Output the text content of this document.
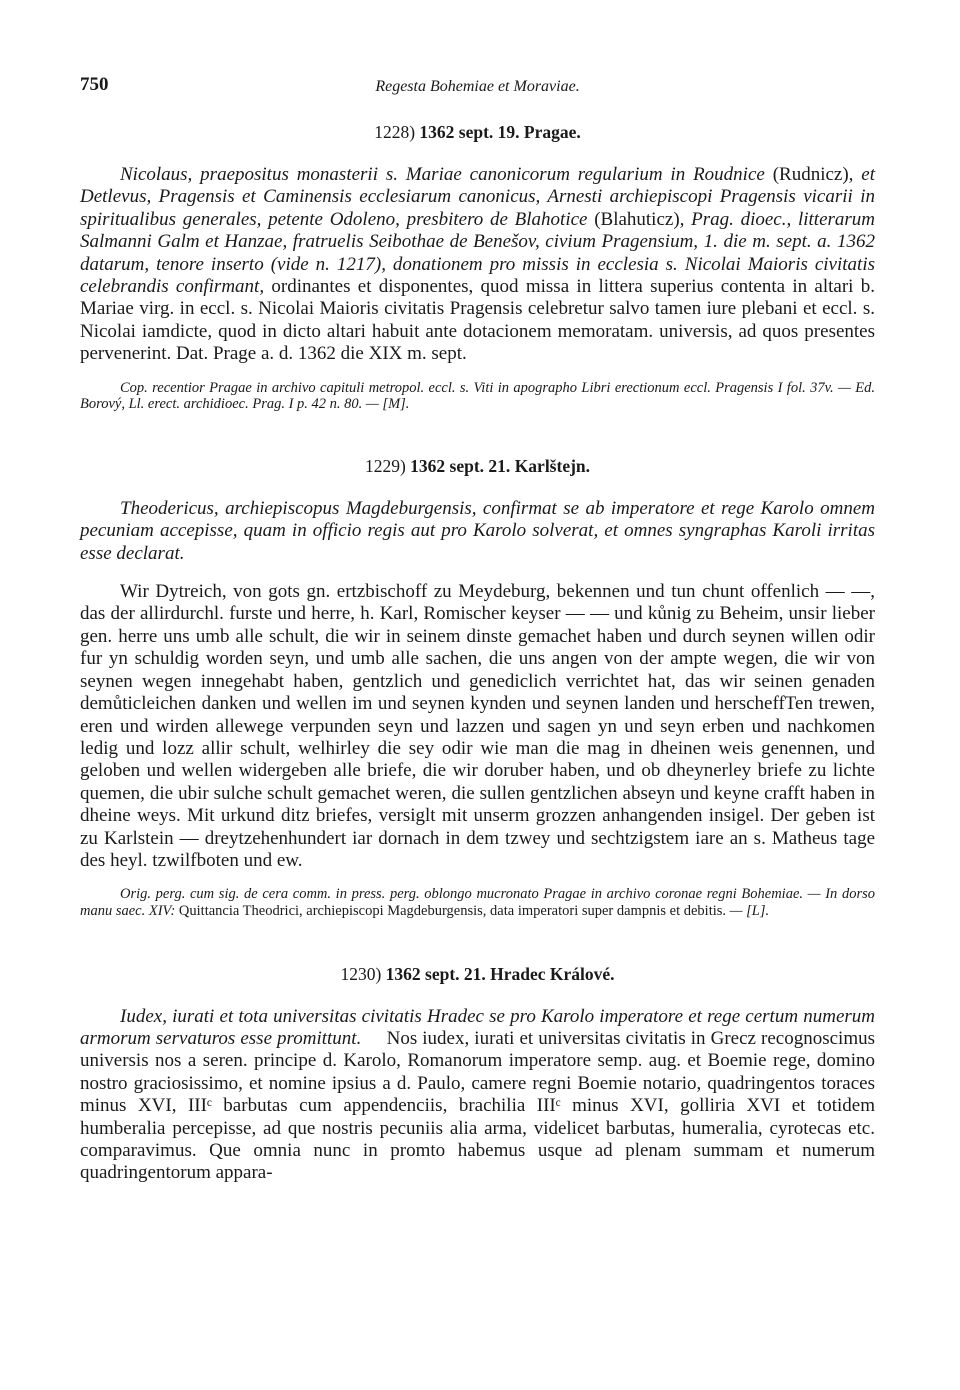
750	Regesta Bohemiae et Moraviae.
1228) 1362 sept. 19. Pragae.

Nicolaus, praepositus monasterii s. Mariae canonicorum regularium in Roudnice (Rudnicz), et Detlevus, Pragensis et Caminensis ecclesiarum canonicus, Arnesti archiepiscopi Pragensis vicarii in spiritualibus generales, petente Odoleno, presbitero de Blahotice (Blahuticz), Prag. dioec., litterarum Salmanni Galm et Hanzae, fratruelis Seibothae de Benešov, civium Pragensium, 1. die m. sept. a. 1362 datarum, tenore inserto (vide n. 1217), donationem pro missis in ecclesia s. Nicolai Maioris civitatis celebrandis confirmant, ordinantes et disponentes, quod missa in littera superius contenta in altari b. Mariae virg. in eccl. s. Nicolai Maioris civitatis Pragensis celebretur salvo tamen iure plebani et eccl. s. Nicolai iamdicte, quod in dicto altari habuit ante dotacionem memoratam. universis, ad quos presentes pervenerint. Dat. Prage a. d. 1362 die XIX m. sept.

Cop. recentior Pragae in archivo capituli metropol. eccl. s. Viti in apographo Libri erectionum eccl. Pragensis I fol. 37v. — Ed. Borový, Ll. erect. archidioec. Prag. I p. 42 n. 80. — [M].

1229) 1362 sept. 21. Karlštejn.

Theodericus, archiepiscopus Magdeburgensis, confirmat se ab imperatore et rege Karolo omnem pecuniam accepisse, quam in officio regis aut pro Karolo solverat, et omnes syngraphas Karoli irritas esse declarat.

Wir Dytreich, von gots gn. ertzbischoff zu Meydeburg, bekennen und tun chunt offenlich — —, das der allirdurchl. furste und herre, h. Karl, Romischer keyser — — und kůnig zu Beheim, unsir lieber gen. herre uns umb alle schult, die wir in seinem dinste gemachet haben und durch seynen willen odir fur yn schuldig worden seyn, und umb alle sachen, die uns angen von der ampte wegen, die wir von seynen wegen innegehabt haben, gentzlich und genediclich verrichtet hat, das wir seinen genaden demůticleichen danken und wellen im und seynen kynden und seynen landen und herscheffTen trewen, eren und wirden allewege verpunden seyn und lazzen und sagen yn und seyn erben und nachkomen ledig und lozz allir schult, welhirley die sey odir wie man die mag in dheinen weis genennen, und geloben und wellen widergeben alle briefe, die wir doruber haben, und ob dheynerley briefe zu lichte quemen, die ubir sulche schult gemachet weren, die sullen gentzlichen abseyn und keyne crafft haben in dheine weys. Mit urkund ditz briefes, versiglt mit unserm grozzen anhangenden insigel. Der geben ist zu Karlstein — dreytzehenhundert iar dornach in dem tzwey und sechtzigstem iare an s. Matheus tage des heyl. tzwilfboten und ew.

Orig. perg. cum sig. de cera comm. in press. perg. oblongo mucronato Pragae in archivo coronae regni Bohemiae. — In dorso manu saec. XIV: Quittancia Theodrici, archiepiscopi Magdeburgensis, data imperatori super dampnis et debitis. — [L].

1230) 1362 sept. 21. Hradec Králové.

Iudex, iurati et tota universitas civitatis Hradec se pro Karolo imperatore et rege certum numerum armorum servaturos esse promittunt.     Nos iudex, iurati et universitas civitatis in Grecz recognoscimus universis nos a seren. principe d. Karolo, Romanorum imperatore semp. aug. et Boemie rege, domino nostro graciosissimo, et nomine ipsius a d. Paulo, camere regni Boemie notario, quadringentos toraces minus XVI, IIIᶜ barbutas cum appendenciis, brachilia IIIᶜ minus XVI, golliria XVI et totidem humberalia percepisse, ad que nostris pecuniis alia arma, videlicet barbutas, humeralia, cyrotecas etc. comparavimus. Que omnia nunc in promto habemus usque ad plenam summam et numerum quadringentorum appara-
